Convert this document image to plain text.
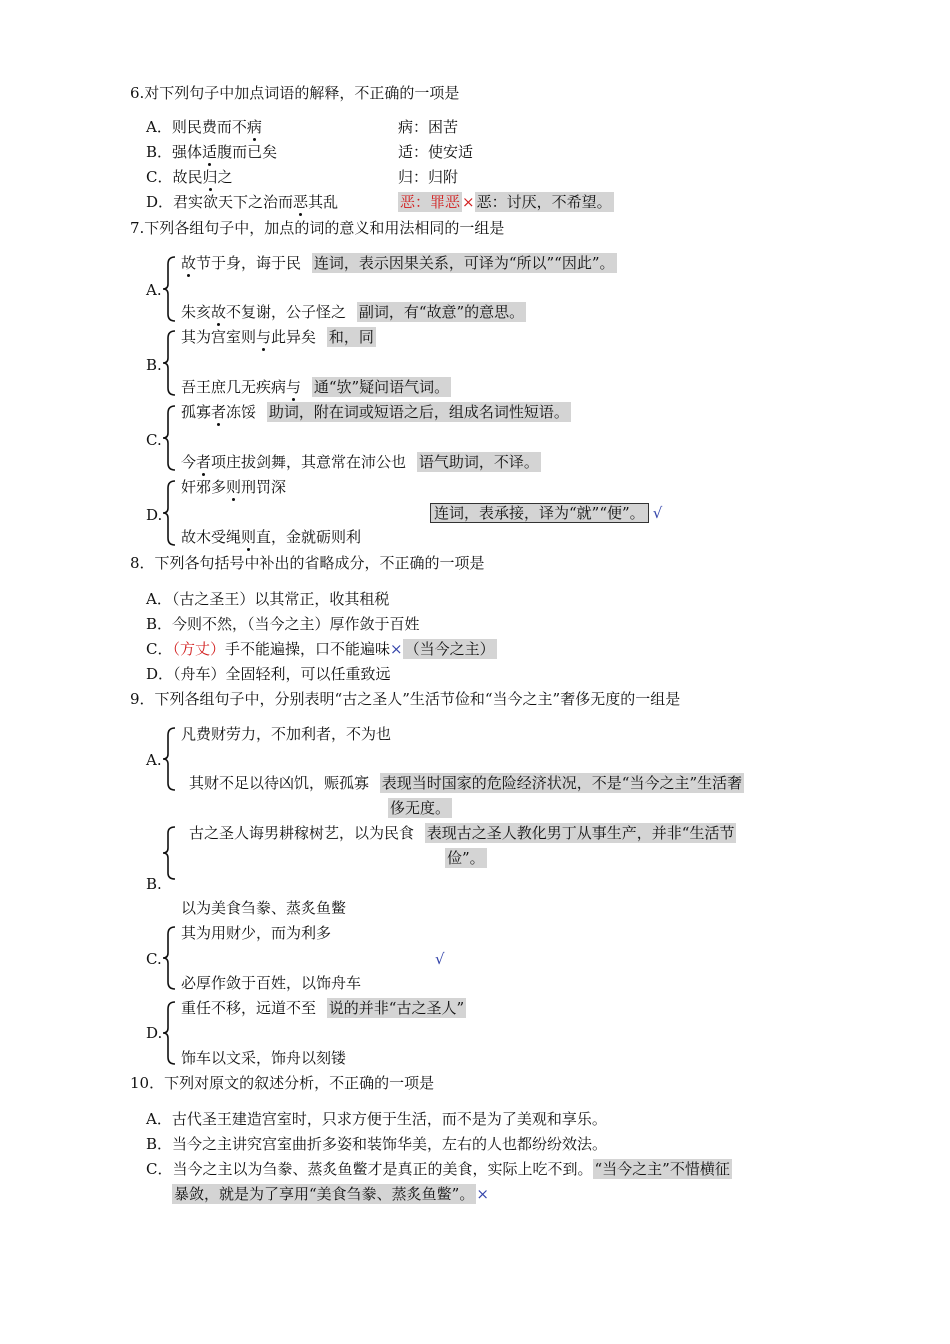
6.对下列句子中加点词语的解释，不正确的一项是
A．则民费而不病	病：困苦
B．强体适腹而已矣	适：使安适
C．故民归之	归：归附
D．君实欲天下之治而恶其乱	恶：罪恶 × 恶：讨厌，不希望。
7.下列各组句子中，加点的词的意义和用法相同的一组是
A.
故节于身，诲于民 连词，表示因果关系，可译为“所以”“因此”。
朱亥故不复谢，公子怪之 副词，有“故意”的意思。
B.
其为宫室则与此异矣 和，同
吾王庶几无疾病与 通“欤”疑问语气词。
C.
孤寡者冻馁 助词，附在词或短语之后，组成名词性短语。
今者项庄拔剑舞，其意常在沛公也 语气助词，不译。
D.
奸邪多则刑罚深
连词，表承接，译为“就”“便”。 √
故木受绳则直，金就砺则利
8．下列各句括号中补出的省略成分，不正确的一项是
A．（古之圣王）以其常正，收其租税
B．今则不然，（当今之主）厚作敛于百姓
C．（方丈）手不能遍操，口不能遍味× （当今之主）
D．（舟车）全固轻利，可以任重致远
9．下列各组句子中，分别表明“古之圣人”生活节俭和“当今之主”奢侈无度的一组是
A.
凡费财劳力，不加利者，不为也
其财不足以待凶饥，赈孤寡 表现当时国家的危险经济状况，不是“当今之主”生活奢
侈无度。
古之圣人诲男耕稼树艺，以为民食 表现古之圣人教化男丁从事生产，并非“生活节
俭”。
B.
以为美食刍豢、蒸炙鱼鳖
C.
其为用财少，而为利多
√
必厚作敛于百姓，以饰舟车
D.
重任不移，远道不至 说的并非“古之圣人”
饰车以文采，饰舟以刻镂
10．下列对原文的叙述分析，不正确的一项是
A．古代圣王建造宫室时，只求方便于生活，而不是为了美观和享乐。
B．当今之主讲究宫室曲折多姿和装饰华美，左右的人也都纷纷效法。
C．当今之主以为刍豢、蒸炙鱼鳖才是真正的美食，实际上吃不到。 “当今之主”不惜横征
暴敛，就是为了享用“美食刍豢、蒸炙鱼鳖”。 ×
